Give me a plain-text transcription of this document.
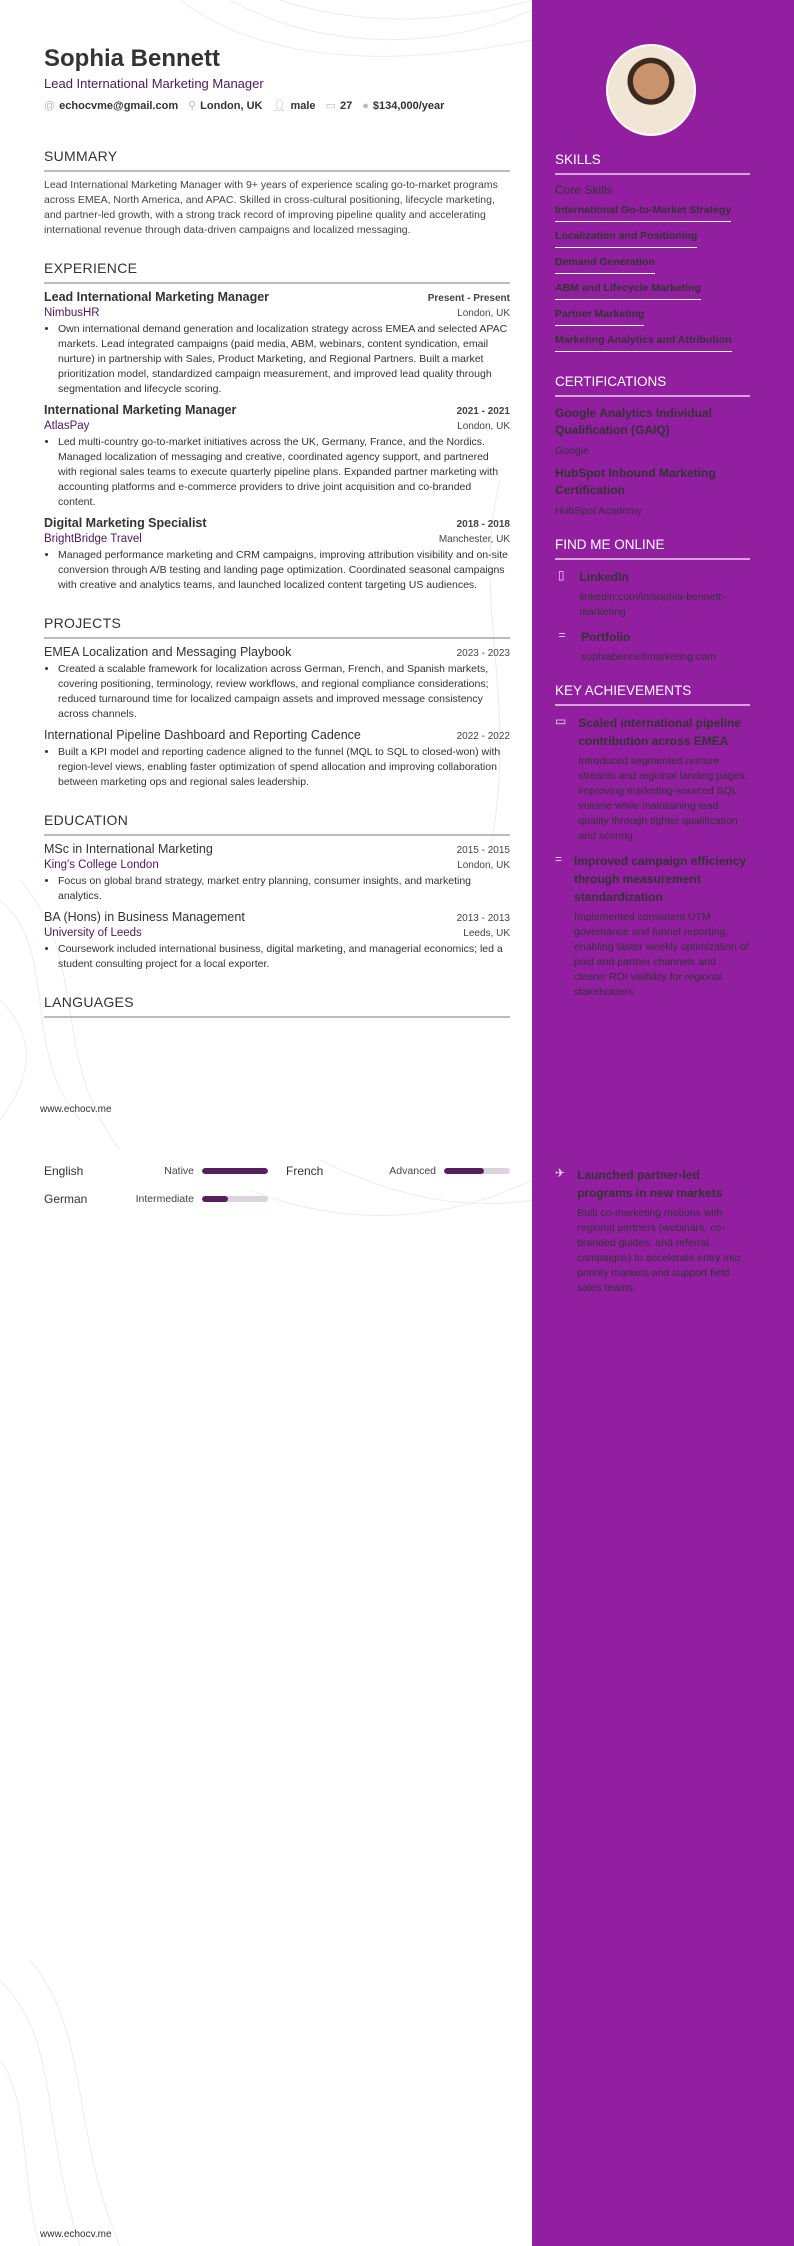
Sophia Bennett
Lead International Marketing Manager
@ echocvme@gmail.com ⚲ London, UK 👤︎ male ▭ 27 ● $134,000/year
SUMMARY
Lead International Marketing Manager with 9+ years of experience scaling go-to-market programs across EMEA, North America, and APAC. Skilled in cross-cultural positioning, lifecycle marketing, and partner-led growth, with a strong track record of improving pipeline quality and accelerating international revenue through data-driven campaigns and localized messaging.
EXPERIENCE
Lead International Marketing Manager	Present - Present
NimbusHR	London, UK
• Own international demand generation and localization strategy across EMEA and selected APAC markets. Lead integrated campaigns (paid media, ABM, webinars, content syndication, email nurture) in partnership with Sales, Product Marketing, and Regional Partners. Built a market prioritization model, standardized campaign measurement, and improved lead quality through segmentation and lifecycle scoring.
International Marketing Manager	2021 - 2021
AtlasPay	London, UK
• Led multi-country go-to-market initiatives across the UK, Germany, France, and the Nordics. Managed localization of messaging and creative, coordinated agency support, and partnered with regional sales teams to execute quarterly pipeline plans. Expanded partner marketing with accounting platforms and e-commerce providers to drive joint acquisition and co-branded content.
Digital Marketing Specialist	2018 - 2018
BrightBridge Travel	Manchester, UK
• Managed performance marketing and CRM campaigns, improving attribution visibility and on-site conversion through A/B testing and landing page optimization. Coordinated seasonal campaigns with creative and analytics teams, and launched localized content targeting US audiences.
PROJECTS
EMEA Localization and Messaging Playbook	2023 - 2023
• Created a scalable framework for localization across German, French, and Spanish markets, covering positioning, terminology, review workflows, and regional compliance considerations; reduced turnaround time for localized campaign assets and improved message consistency across channels.
International Pipeline Dashboard and Reporting Cadence	2022 - 2022
• Built a KPI model and reporting cadence aligned to the funnel (MQL to SQL to closed-won) with region-level views, enabling faster optimization of spend allocation and improving collaboration between marketing ops and regional sales leadership.
EDUCATION
MSc in International Marketing	2015 - 2015
King's College London	London, UK
• Focus on global brand strategy, market entry planning, consumer insights, and marketing analytics.
BA (Hons) in Business Management	2013 - 2013
University of Leeds	Leeds, UK
• Coursework included international business, digital marketing, and managerial economics; led a student consulting project for a local exporter.
LANGUAGES
www.echocv.me
English	Native	French	Advanced
German	Intermediate
www.echocv.me
SKILLS
Core Skills
International Go-to-Market Strategy
Localization and Positioning
Demand Generation
ABM and Lifecycle Marketing
Partner Marketing
Marketing Analytics and Attribution
CERTIFICATIONS
Google Analytics Individual Qualification (GAIQ)
Google
HubSpot Inbound Marketing Certification
HubSpot Academy
FIND ME ONLINE
▯ LinkedIn
linkedin.com/in/sophia-bennett-marketing
= Portfolio
sophiabennettmarketing.com
KEY ACHIEVEMENTS
▭ Scaled international pipeline contribution across EMEA
Introduced segmented nurture streams and regional landing pages, improving marketing-sourced SQL volume while maintaining lead quality through tighter qualification and scoring.
= Improved campaign efficiency through measurement standardization
Implemented consistent UTM governance and funnel reporting, enabling faster weekly optimization of paid and partner channels and clearer ROI visibility for regional stakeholders.
✈ Launched partner-led programs in new markets
Built co-marketing motions with regional partners (webinars, co-branded guides, and referral campaigns) to accelerate entry into priority markets and support field sales teams.
